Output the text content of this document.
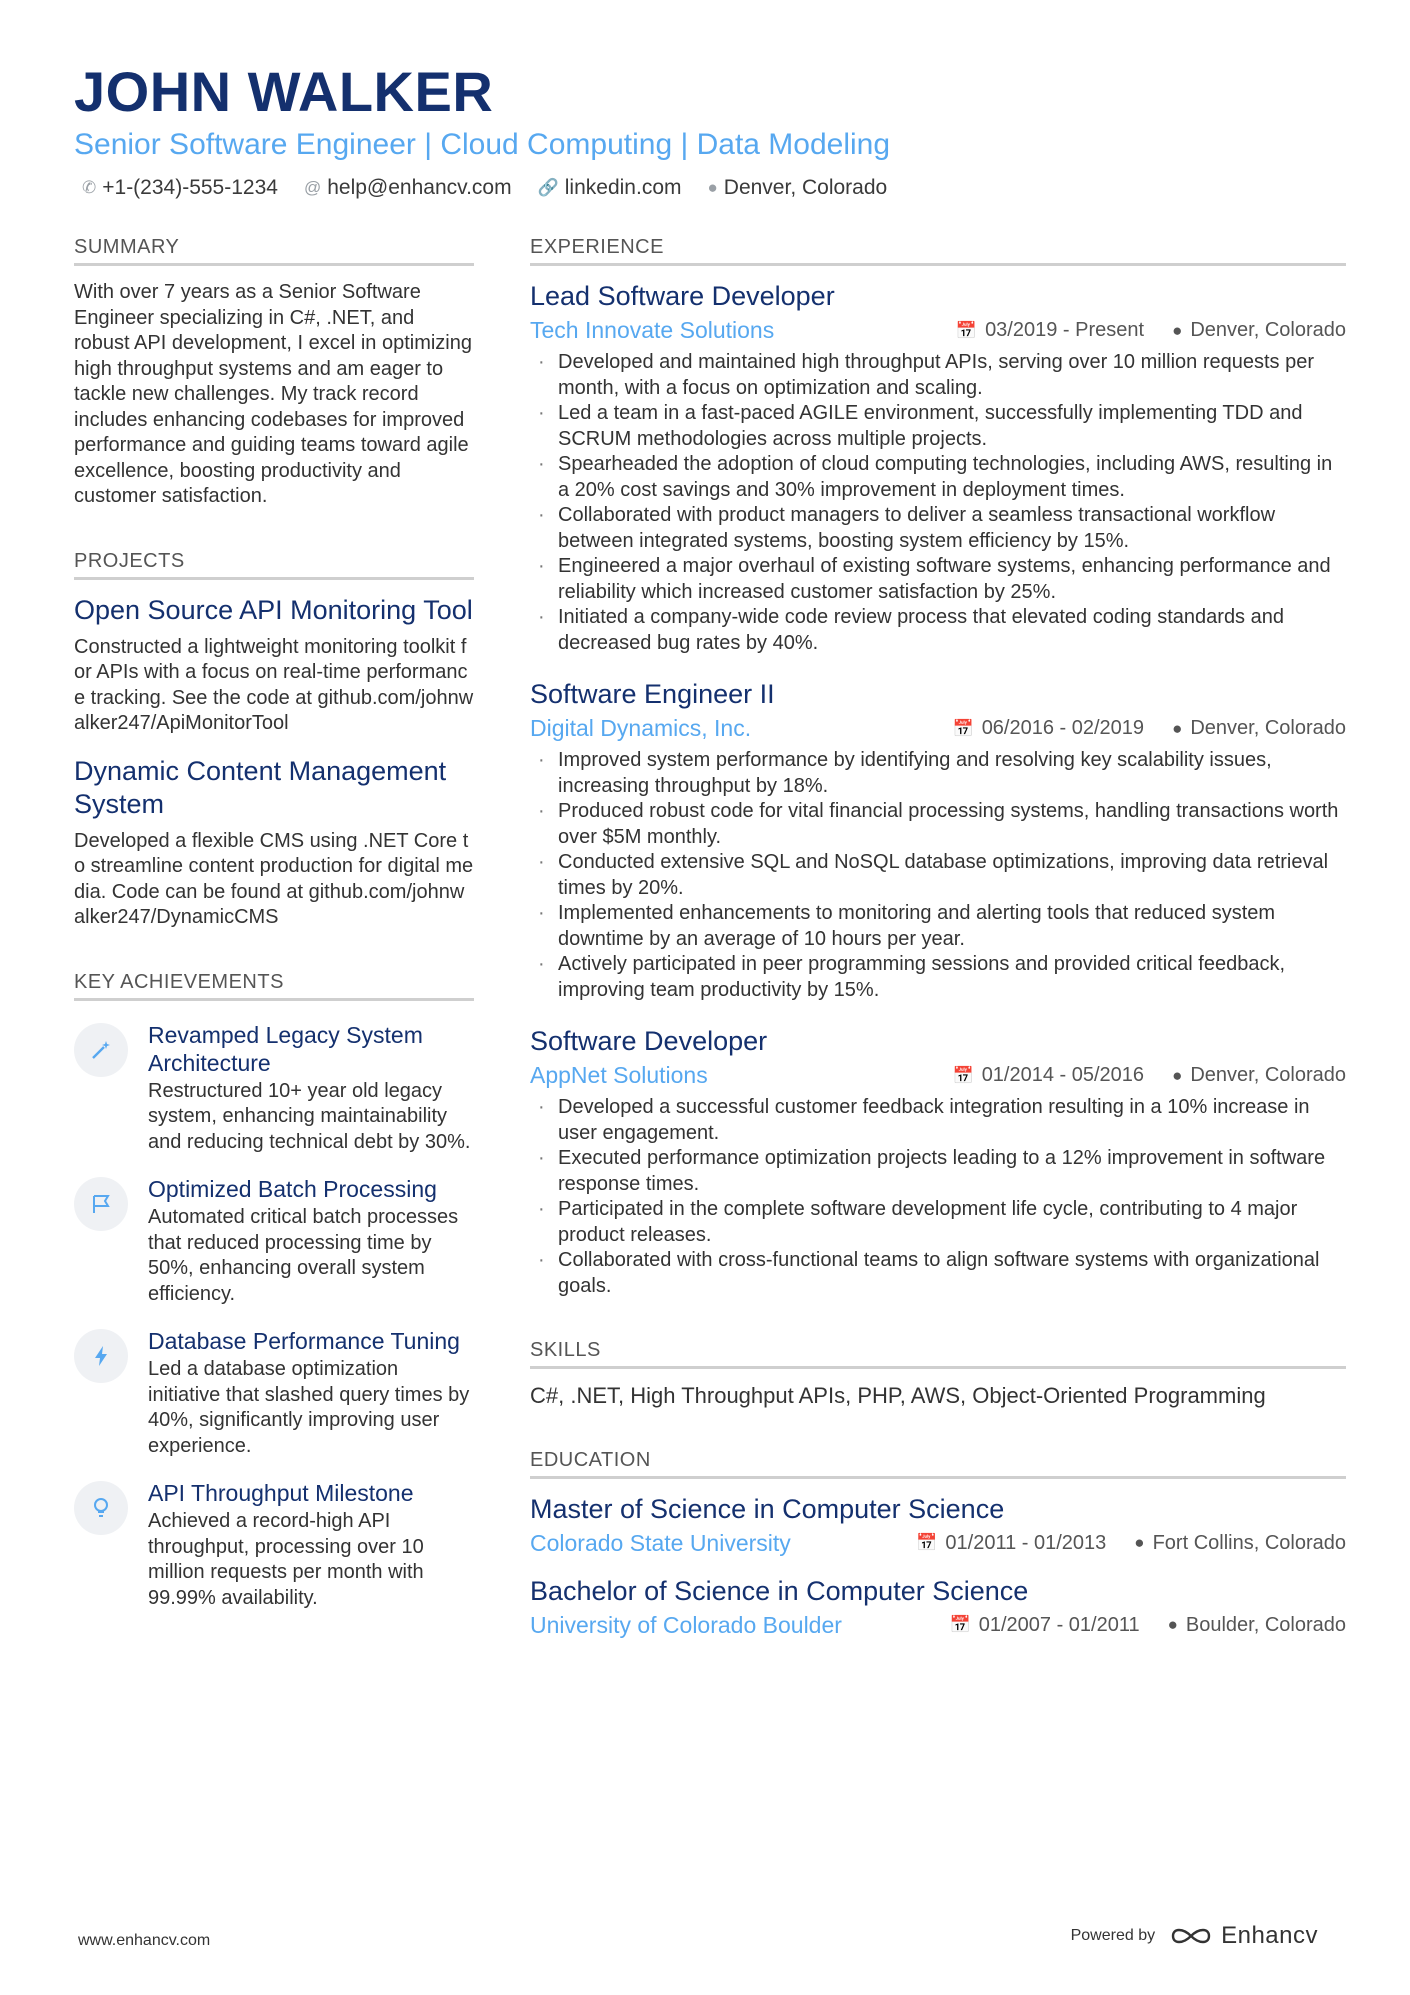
JOHN WALKER
Senior Software Engineer | Cloud Computing | Data Modeling
✆ +1-(234)-555-1234 @ help@enhancv.com 🔗 linkedin.com ● Denver, Colorado
SUMMARY

With over 7 years as a Senior Software Engineer specializing in C#, .NET, and robust API development, I excel in optimizing high throughput systems and am eager to tackle new challenges. My track record includes enhancing codebases for improved performance and guiding teams toward agile excellence, boosting productivity and customer satisfaction.

PROJECTS
Open Source API Monitoring Tool

Constructed a lightweight monitoring toolkit for APIs with a focus on real-time performance tracking. See the code at github.com/johnwalker247/ApiMonitorTool

Dynamic Content Management System

Developed a flexible CMS using .NET Core to streamline content production for digital media. Code can be found at github.com/johnwalker247/DynamicCMS

KEY ACHIEVEMENTS
Revamped Legacy System Architecture

Restructured 10+ year old legacy system, enhancing maintainability and reducing technical debt by 30%.

Optimized Batch Processing

Automated critical batch processes that reduced processing time by 50%, enhancing overall system efficiency.

Database Performance Tuning

Led a database optimization initiative that slashed query times by 40%, significantly improving user experience.

API Throughput Milestone

Achieved a record-high API throughput, processing over 10 million requests per month with 99.99% availability.

EXPERIENCE
Lead Software Developer
Tech Innovate Solutions	📅 03/2019 - Present ● Denver, Colorado
· Developed and maintained high throughput APIs, serving over 10 million requests per month, with a focus on optimization and scaling.
· Led a team in a fast-paced AGILE environment, successfully implementing TDD and SCRUM methodologies across multiple projects.
· Spearheaded the adoption of cloud computing technologies, including AWS, resulting in a 20% cost savings and 30% improvement in deployment times.
· Collaborated with product managers to deliver a seamless transactional workflow between integrated systems, boosting system efficiency by 15%.
· Engineered a major overhaul of existing software systems, enhancing performance and reliability which increased customer satisfaction by 25%.
· Initiated a company-wide code review process that elevated coding standards and decreased bug rates by 40%.
Software Engineer II
Digital Dynamics, Inc.	📅 06/2016 - 02/2019 ● Denver, Colorado
· Improved system performance by identifying and resolving key scalability issues, increasing throughput by 18%.
· Produced robust code for vital financial processing systems, handling transactions worth over $5M monthly.
· Conducted extensive SQL and NoSQL database optimizations, improving data retrieval times by 20%.
· Implemented enhancements to monitoring and alerting tools that reduced system downtime by an average of 10 hours per year.
· Actively participated in peer programming sessions and provided critical feedback, improving team productivity by 15%.
Software Developer
AppNet Solutions	📅 01/2014 - 05/2016 ● Denver, Colorado
· Developed a successful customer feedback integration resulting in a 10% increase in user engagement.
· Executed performance optimization projects leading to a 12% improvement in software response times.
· Participated in the complete software development life cycle, contributing to 4 major product releases.
· Collaborated with cross-functional teams to align software systems with organizational goals.
SKILLS

C#, .NET, High Throughput APIs, PHP, AWS, Object-Oriented Programming

EDUCATION
Master of Science in Computer Science
Colorado State University	📅 01/2011 - 01/2013 ● Fort Collins, Colorado
Bachelor of Science in Computer Science
University of Colorado Boulder	📅 01/2007 - 01/2011 ● Boulder, Colorado
www.enhancv.com	Powered by	Enhancv
